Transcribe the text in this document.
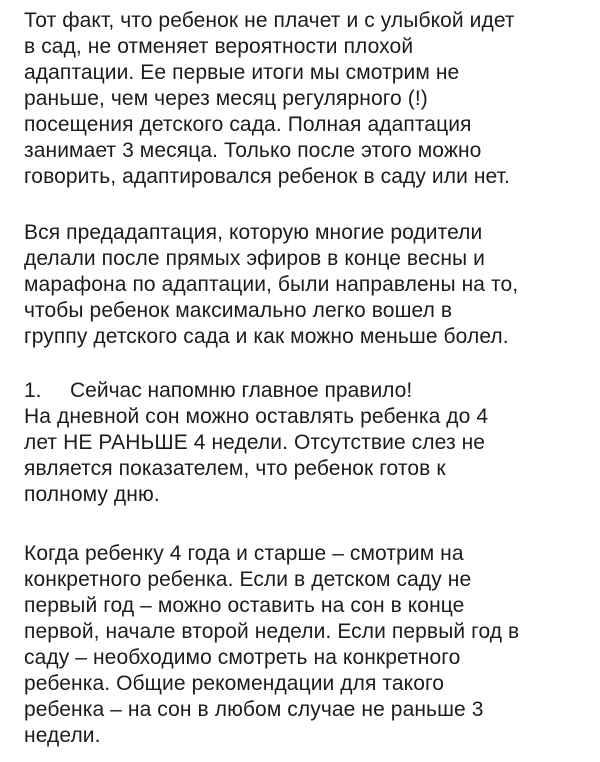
Тот факт, что ребенок не плачет и с улыбкой идет
в сад, не отменяет вероятности плохой
адаптации. Ее первые итоги мы смотрим не
раньше, чем через месяц регулярного (!)
посещения детского сада. Полная адаптация
занимает 3 месяца. Только после этого можно
говорить, адаптировался ребенок в саду или нет.

Вся предадаптация, которую многие родители
делали после прямых эфиров в конце весны и
марафона по адаптации, были направлены на то,
чтобы ребенок максимально легко вошел в
группу детского сада и как можно меньше болел.

1. Сейчас напомню главное правило!

На дневной сон можно оставлять ребенка до 4
лет НЕ РАНЬШЕ 4 недели. Отсутствие слез не
является показателем, что ребенок готов к
полному дню.

Когда ребенку 4 года и старше – смотрим на
конкретного ребенка. Если в детском саду не
первый год – можно оставить на сон в конце
первой, начале второй недели. Если первый год в
саду – необходимо смотреть на конкретного
ребенка. Общие рекомендации для такого
ребенка – на сон в любом случае не раньше 3
недели.
